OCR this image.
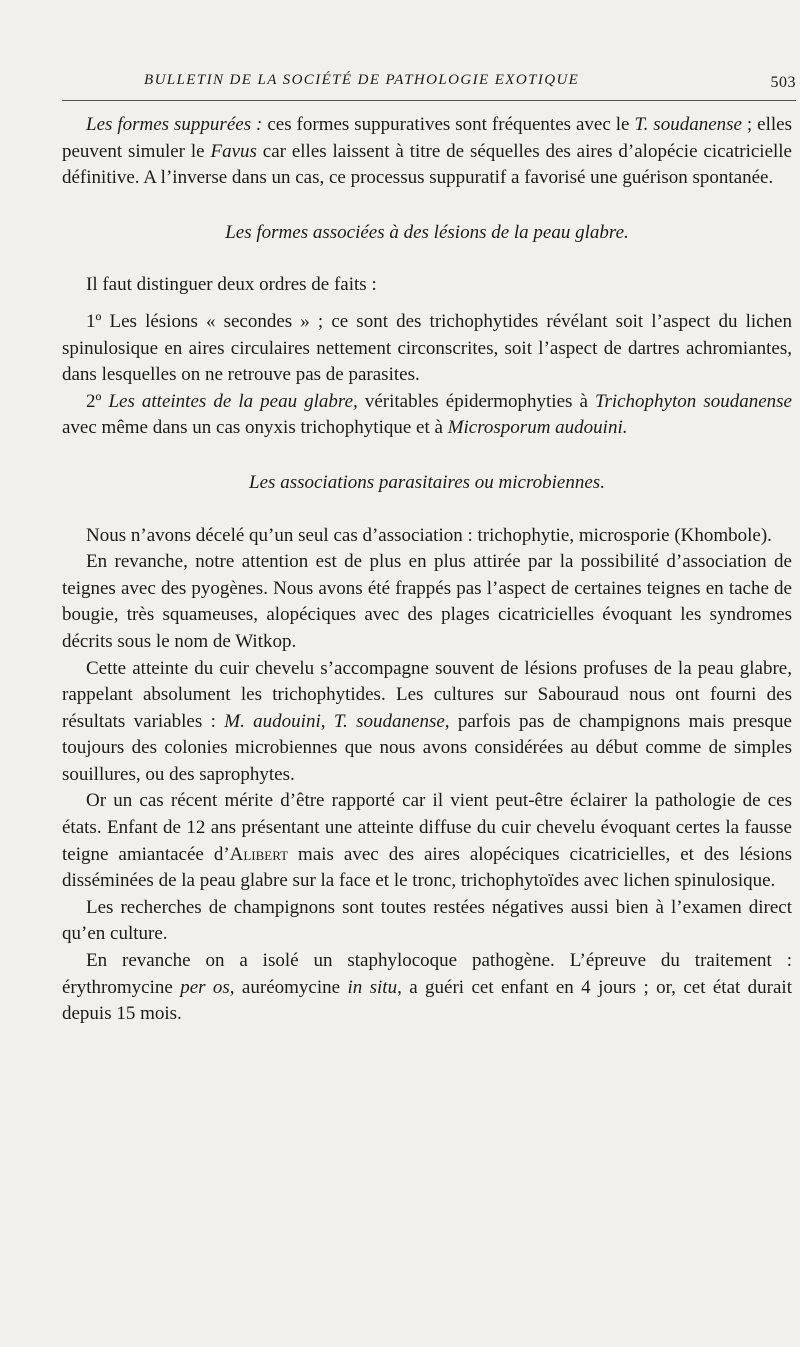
BULLETIN DE LA SOCIÉTÉ DE PATHOLOGIE EXOTIQUE	503

Les formes suppurées : ces formes suppuratives sont fréquentes avec le T. soudanense ; elles peuvent simuler le Favus car elles laissent à titre de séquelles des aires d’alopécie cicatricielle définitive. A l’inverse dans un cas, ce processus suppuratif a favorisé une guérison spontanée.

Les formes associées à des lésions de la peau glabre.

Il faut distinguer deux ordres de faits :

1º Les lésions « secondes » ; ce sont des trichophytides révélant soit l’aspect du lichen spinulosique en aires circulaires nettement circonscrites, soit l’aspect de dartres achromiantes, dans lesquelles on ne retrouve pas de parasites.

2º Les atteintes de la peau glabre, véritables épidermophyties à Trichophyton soudanense avec même dans un cas onyxis trichophytique et à Microsporum audouini.

Les associations parasitaires ou microbiennes.

Nous n’avons décelé qu’un seul cas d’association : trichophytie, microsporie (Khombole).

En revanche, notre attention est de plus en plus attirée par la possibilité d’association de teignes avec des pyogènes. Nous avons été frappés pas l’aspect de certaines teignes en tache de bougie, très squameuses, alopéciques avec des plages cicatricielles évoquant les syndromes décrits sous le nom de Witkop.

Cette atteinte du cuir chevelu s’accompagne souvent de lésions profuses de la peau glabre, rappelant absolument les trichophytides. Les cultures sur Sabouraud nous ont fourni des résultats variables : M. audouini, T. soudanense, parfois pas de champignons mais presque toujours des colonies microbiennes que nous avons considérées au début comme de simples souillures, ou des saprophytes.

Or un cas récent mérite d’être rapporté car il vient peut-être éclairer la pathologie de ces états. Enfant de 12 ans présentant une atteinte diffuse du cuir chevelu évoquant certes la fausse teigne amiantacée d’Alibert mais avec des aires alopéciques cicatricielles, et des lésions disséminées de la peau glabre sur la face et le tronc, trichophytoïdes avec lichen spinulosique.

Les recherches de champignons sont toutes restées négatives aussi bien à l’examen direct qu’en culture.

En revanche on a isolé un staphylocoque pathogène. L’épreuve du traitement : érythromycine per os, auréomycine in situ, a guéri cet enfant en 4 jours ; or, cet état durait depuis 15 mois.
